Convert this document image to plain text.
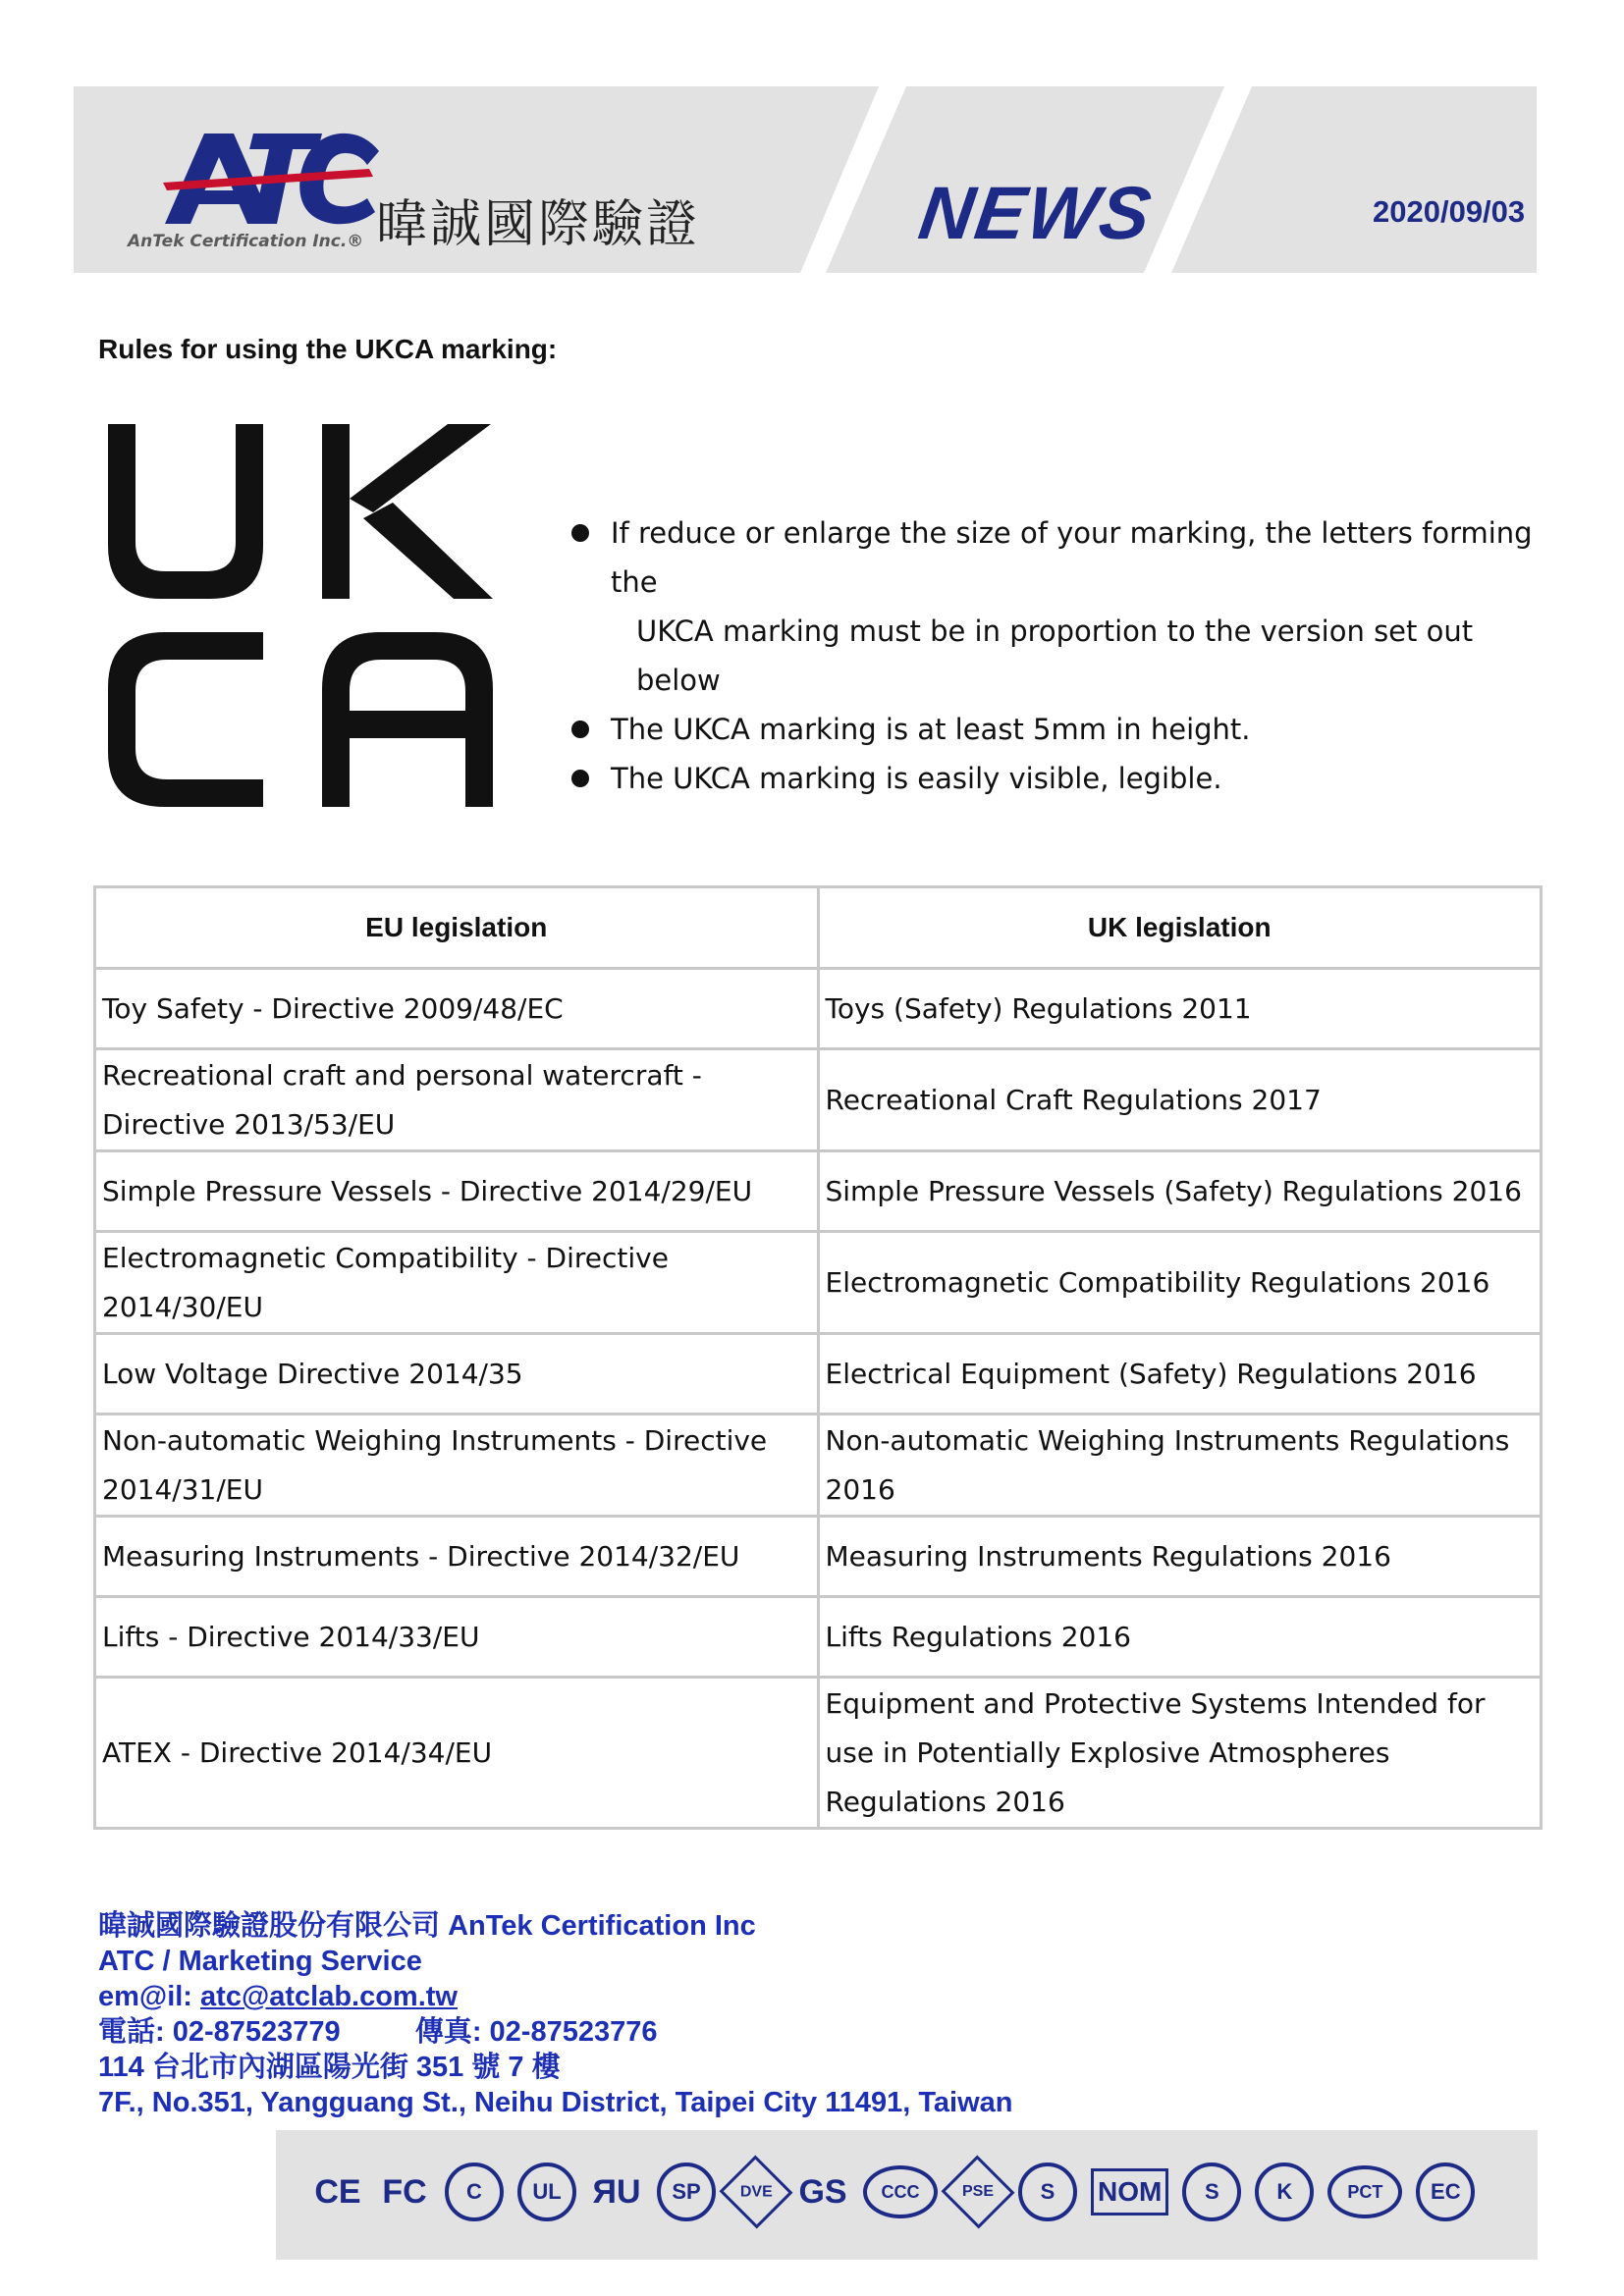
AnTek Certification Inc.® 暐誠國際驗證	NEWS	2020/09/03
Rules for using the UKCA marking:
If reduce or enlarge the size of your marking, the letters forming the
UKCA marking must be in proportion to the version set out below
The UKCA marking is at least 5mm in height.
The UKCA marking is easily visible, legible.
EU legislation	UK legislation
Toy Safety - Directive 2009/48/EC	Toys (Safety) Regulations 2011
Recreational craft and personal watercraft - Directive 2013/53/EU	Recreational Craft Regulations 2017
Simple Pressure Vessels - Directive 2014/29/EU	Simple Pressure Vessels (Safety) Regulations 2016
Electromagnetic Compatibility - Directive 2014/30/EU	Electromagnetic Compatibility Regulations 2016
Low Voltage Directive 2014/35	Electrical Equipment (Safety) Regulations 2016
Non-automatic Weighing Instruments - Directive 2014/31/EU	Non-automatic Weighing Instruments Regulations 2016
Measuring Instruments - Directive 2014/32/EU	Measuring Instruments Regulations 2016
Lifts - Directive 2014/33/EU	Lifts Regulations 2016
ATEX - Directive 2014/34/EU	Equipment and Protective Systems Intended for use in Potentially Explosive Atmospheres Regulations 2016
暐誠國際驗證股份有限公司 AnTek Certification Inc
ATC / Marketing Service
em@il: atc@atclab.com.tw
電話: 02-87523779	傳真: 02-87523776
114 台北市內湖區陽光街 351 號 7 樓
7F., No.351, Yangguang St., Neihu District, Taipei City 11491, Taiwan
CE FC C UL ЯU SP DVE GS CCC	PSE S NOM S	K	PCT EC
